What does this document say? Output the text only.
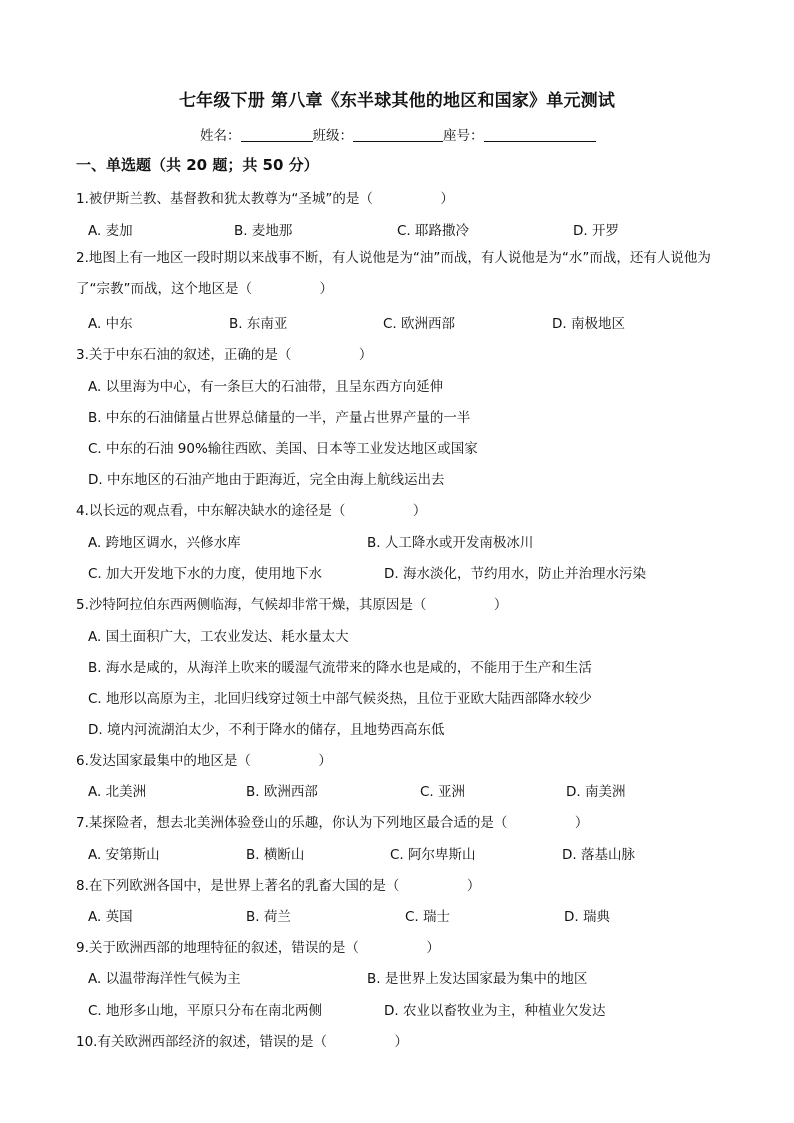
七年级下册 第八章《东半球其他的地区和国家》单元测试
姓名：	班级：	座号：
一、单选题（共 20 题；共 50 分）
1.被伊斯兰教、基督教和犹太教尊为“圣城”的是（　　　　　）
A. 麦加	B. 麦地那	C. 耶路撒冷	D. 开罗
2.地图上有一地区一段时期以来战事不断，有人说他是为“油”而战，有人说他是为“水”而战，还有人说他为了“宗教”而战，这个地区是（　　　　　）
A. 中东	B. 东南亚	C. 欧洲西部	D. 南极地区
3.关于中东石油的叙述，正确的是（　　　　　）
A. 以里海为中心，有一条巨大的石油带，且呈东西方向延伸
B. 中东的石油储量占世界总储量的一半，产量占世界产量的一半
C. 中东的石油 90%输往西欧、美国、日本等工业发达地区或国家
D. 中东地区的石油产地由于距海近，完全由海上航线运出去
4.以长远的观点看，中东解决缺水的途径是（　　　　　）
A. 跨地区调水，兴修水库	B. 人工降水或开发南极冰川
C. 加大开发地下水的力度，使用地下水	D. 海水淡化，节约用水，防止并治理水污染
5.沙特阿拉伯东西两侧临海，气候却非常干燥，其原因是（　　　　　）
A. 国土面积广大，工农业发达、耗水量太大
B. 海水是咸的，从海洋上吹来的暖湿气流带来的降水也是咸的，不能用于生产和生活
C. 地形以高原为主，北回归线穿过领土中部气候炎热，且位于亚欧大陆西部降水较少
D. 境内河流湖泊太少，不利于降水的储存，且地势西高东低
6.发达国家最集中的地区是（　　　　　）
A. 北美洲	B. 欧洲西部	C. 亚洲	D. 南美洲
7.某探险者，想去北美洲体验登山的乐趣，你认为下列地区最合适的是（　　　　　）
A. 安第斯山	B. 横断山	C. 阿尔卑斯山	D. 落基山脉
8.在下列欧洲各国中，是世界上著名的乳畜大国的是（　　　　　）
A. 英国	B. 荷兰	C. 瑞士	D. 瑞典
9.关于欧洲西部的地理特征的叙述，错误的是（　　　　　）
A. 以温带海洋性气候为主	B. 是世界上发达国家最为集中的地区
C. 地形多山地，平原只分布在南北两侧	D. 农业以畜牧业为主，种植业欠发达
10.有关欧洲西部经济的叙述，错误的是（　　　　　）
